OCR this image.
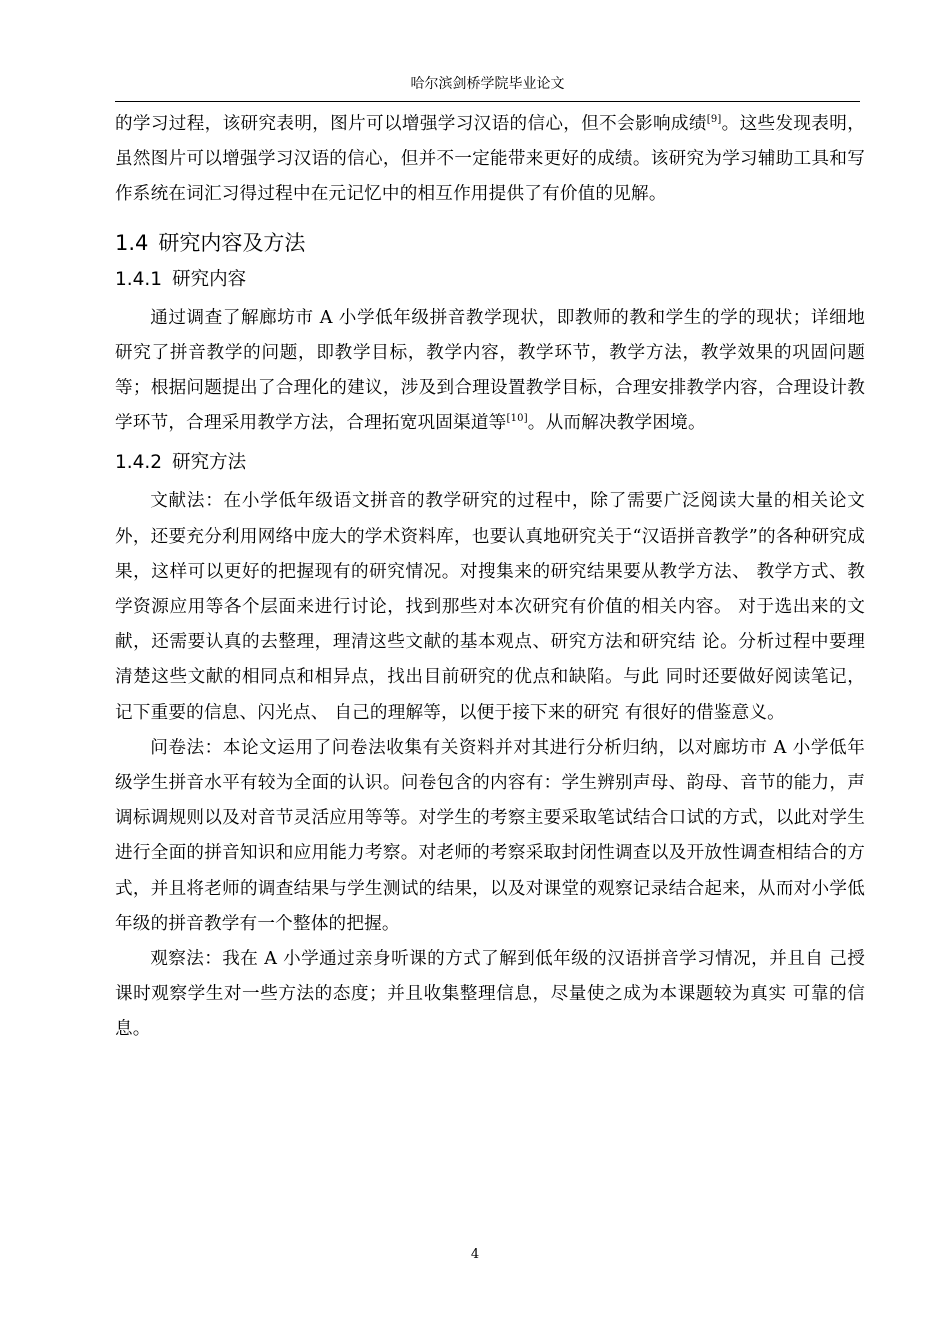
哈尔滨剑桥学院毕业论文

的学习过程，该研究表明，图片可以增强学习汉语的信心，但不会影响成绩[9]。这些发现表明，虽然图片可以增强学习汉语的信心，但并不一定能带来更好的成绩。该研究为学习辅助工具和写作系统在词汇习得过程中在元记忆中的相互作用提供了有价值的见解。

1.4 研究内容及方法
1.4.1 研究内容

通过调查了解廊坊市 A 小学低年级拼音教学现状，即教师的教和学生的学的现状；详细地研究了拼音教学的问题，即教学目标，教学内容，教学环节，教学方法，教学效果的巩固问题等；根据问题提出了合理化的建议，涉及到合理设置教学目标，合理安排教学内容，合理设计教学环节，合理采用教学方法，合理拓宽巩固渠道等[10]。从而解决教学困境。

1.4.2 研究方法

文献法：在小学低年级语文拼音的教学研究的过程中，除了需要广泛阅读大量的相关论文外，还要充分利用网络中庞大的学术资料库，也要认真地研究关于“汉语拼音教学”的各种研究成果，这样可以更好的把握现有的研究情况。对搜集来的研究结果要从教学方法、 教学方式、教学资源应用等各个层面来进行讨论，找到那些对本次研究有价值的相关内容。 对于选出来的文献，还需要认真的去整理，理清这些文献的基本观点、研究方法和研究结 论。分析过程中要理清楚这些文献的相同点和相异点，找出目前研究的优点和缺陷。与此 同时还要做好阅读笔记，记下重要的信息、闪光点、 自己的理解等，以便于接下来的研究 有很好的借鉴意义。

问卷法：本论文运用了问卷法收集有关资料并对其进行分析归纳，以对廊坊市 A 小学低年级学生拼音水平有较为全面的认识。问卷包含的内容有：学生辨别声母、韵母、音节的能力，声调标调规则以及对音节灵活应用等等。对学生的考察主要采取笔试结合口试的方式，以此对学生进行全面的拼音知识和应用能力考察。对老师的考察采取封闭性调查以及开放性调查相结合的方式，并且将老师的调查结果与学生测试的结果，以及对课堂的观察记录结合起来，从而对小学低年级的拼音教学有一个整体的把握。

观察法：我在 A 小学通过亲身听课的方式了解到低年级的汉语拼音学习情况，并且自 己授课时观察学生对一些方法的态度；并且收集整理信息，尽量使之成为本课题较为真实 可靠的信息。

4
